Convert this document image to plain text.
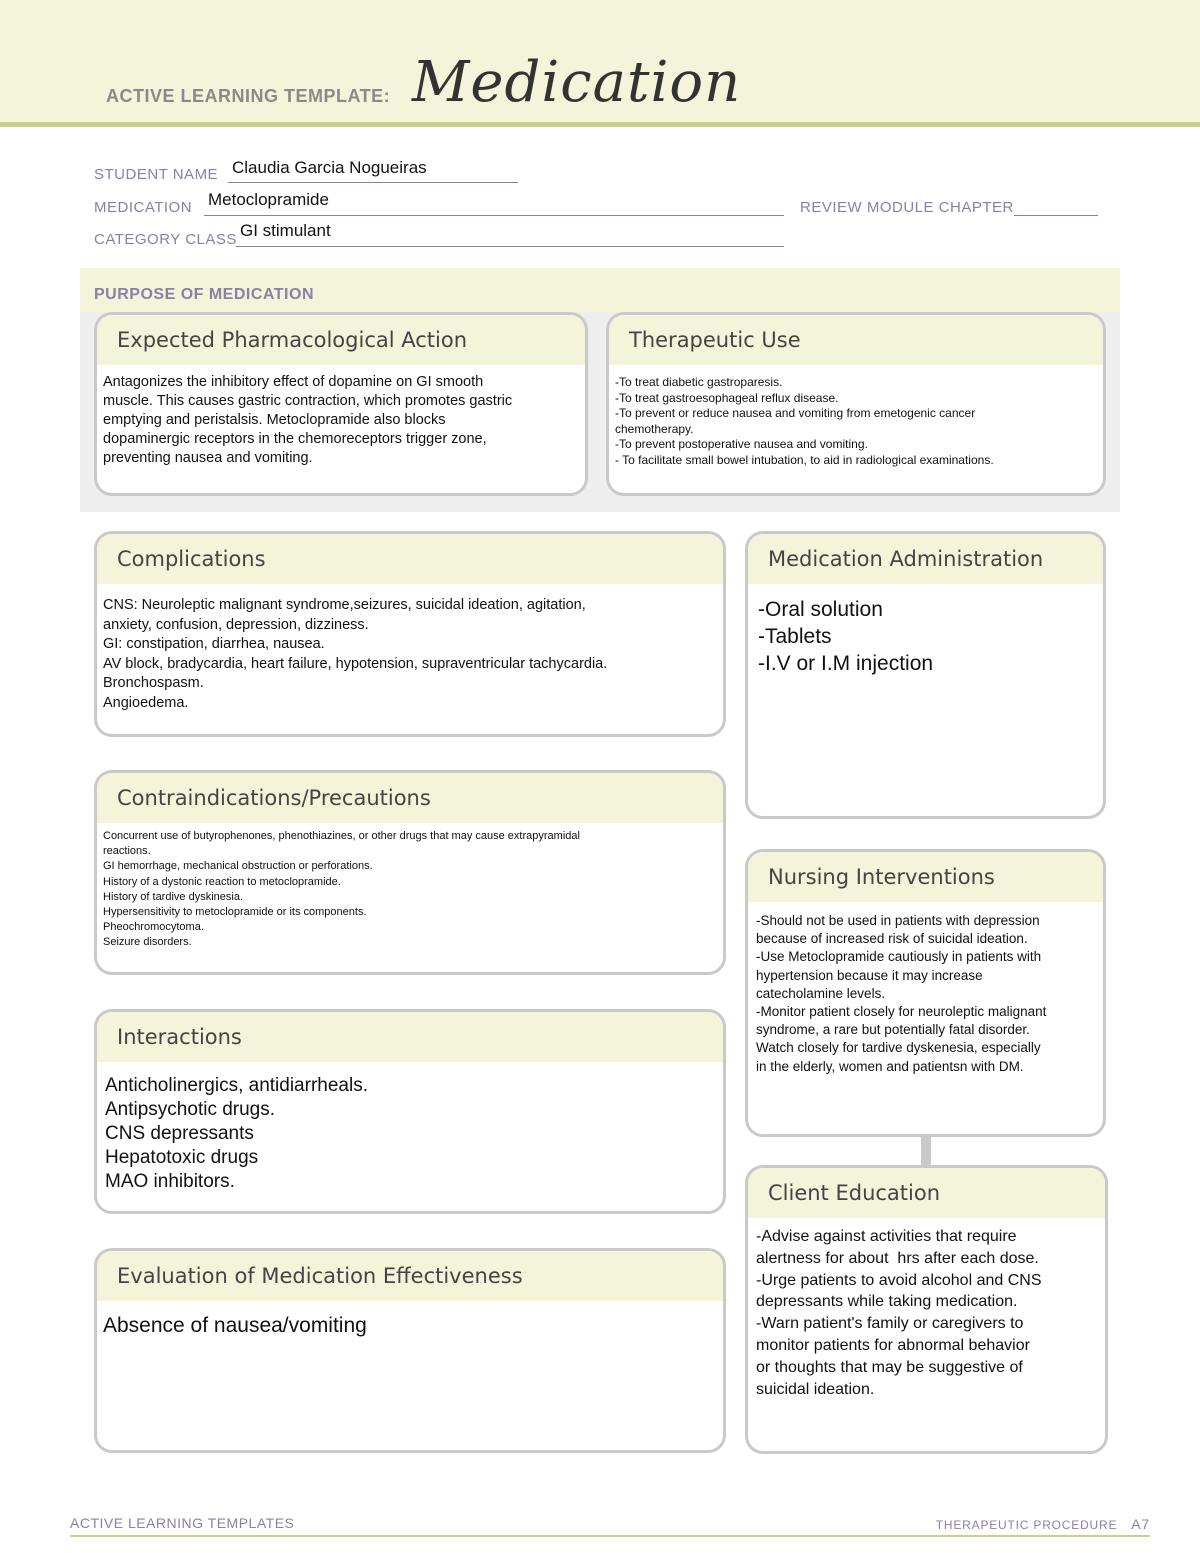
ACTIVE LEARNING TEMPLATE: Medication
STUDENT NAME Claudia Garcia Nogueiras
MEDICATION Metoclopramide	REVIEW MODULE CHAPTER
CATEGORY CLASS GI stimulant
PURPOSE OF MEDICATION
Expected Pharmacological Action
Antagonizes the inhibitory effect of dopamine on GI smooth
muscle. This causes gastric contraction, which promotes gastric
emptying and peristalsis. Metoclopramide also blocks
dopaminergic receptors in the chemoreceptors trigger zone,
preventing nausea and vomiting.
Therapeutic Use
-To treat diabetic gastroparesis.
-To treat gastroesophageal reflux disease.
-To prevent or reduce nausea and vomiting from emetogenic cancer
chemotherapy.
-To prevent postoperative nausea and vomiting.
- To facilitate small bowel intubation, to aid in radiological examinations.
Complications
CNS: Neuroleptic malignant syndrome,seizures, suicidal ideation, agitation,
anxiety, confusion, depression, dizziness.
GI: constipation, diarrhea, nausea.
AV block, bradycardia, heart failure, hypotension, supraventricular tachycardia.
Bronchospasm.
Angioedema.
Contraindications/Precautions
Concurrent use of butyrophenones, phenothiazines, or other drugs that may cause extrapyramidal
reactions.
GI hemorrhage, mechanical obstruction or perforations.
History of a dystonic reaction to metoclopramide.
History of tardive dyskinesia.
Hypersensitivity to metoclopramide or its components.
Pheochromocytoma.
Seizure disorders.
Interactions
Anticholinergics, antidiarrheals.
Antipsychotic drugs.
CNS depressants
Hepatotoxic drugs
MAO inhibitors.
Evaluation of Medication Effectiveness
Absence of nausea/vomiting
Medication Administration
-Oral solution
-Tablets
-I.V or I.M injection
Nursing Interventions
-Should not be used in patients with depression
because of increased risk of suicidal ideation.
-Use Metoclopramide cautiously in patients with
hypertension because it may increase
catecholamine levels.
-Monitor patient closely for neuroleptic malignant
syndrome, a rare but potentially fatal disorder.
Watch closely for tardive dyskenesia, especially
in the elderly, women and patientsn with DM.
Client Education
-Advise against activities that require
alertness for about  hrs after each dose.
-Urge patients to avoid alcohol and CNS
depressants while taking medication.
-Warn patient's family or caregivers to
monitor patients for abnormal behavior
or thoughts that may be suggestive of
suicidal ideation.
ACTIVE LEARNING TEMPLATES	THERAPEUTIC PROCEDURE A7
